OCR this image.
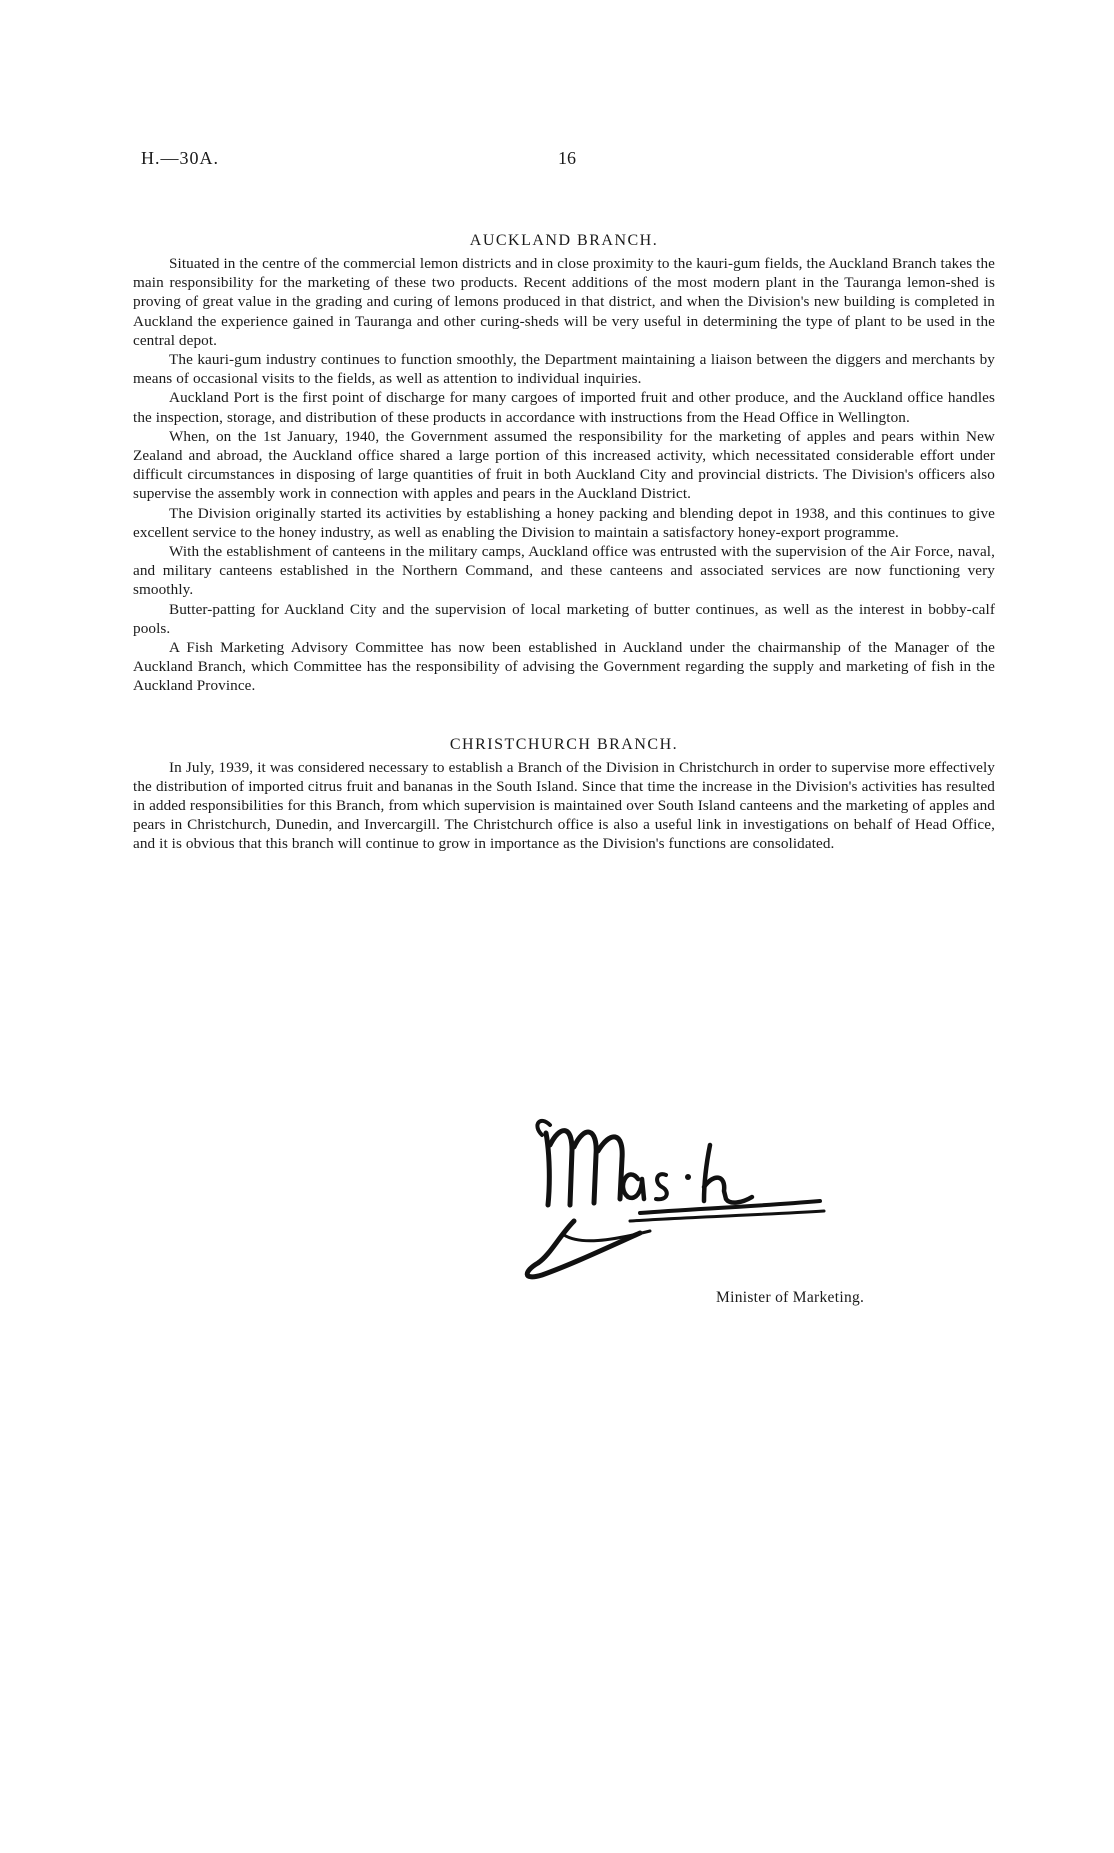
H.—30A.	16
AUCKLAND BRANCH.

Situated in the centre of the commercial lemon districts and in close proximity to the kauri-gum fields, the Auckland Branch takes the main responsibility for the marketing of these two products. Recent additions of the most modern plant in the Tauranga lemon-shed is proving of great value in the grading and curing of lemons produced in that district, and when the Division's new building is completed in Auckland the experience gained in Tauranga and other curing-sheds will be very useful in determining the type of plant to be used in the central depot.

The kauri-gum industry continues to function smoothly, the Department maintaining a liaison between the diggers and merchants by means of occasional visits to the fields, as well as attention to individual inquiries.

Auckland Port is the first point of discharge for many cargoes of imported fruit and other produce, and the Auckland office handles the inspection, storage, and distribution of these products in accordance with instructions from the Head Office in Wellington.

When, on the 1st January, 1940, the Government assumed the responsibility for the marketing of apples and pears within New Zealand and abroad, the Auckland office shared a large portion of this increased activity, which necessitated considerable effort under difficult circumstances in disposing of large quantities of fruit in both Auckland City and provincial districts. The Division's officers also supervise the assembly work in connection with apples and pears in the Auckland District.

The Division originally started its activities by establishing a honey packing and blending depot in 1938, and this continues to give excellent service to the honey industry, as well as enabling the Division to maintain a satisfactory honey-export programme.

With the establishment of canteens in the military camps, Auckland office was entrusted with the supervision of the Air Force, naval, and military canteens established in the Northern Command, and these canteens and associated services are now functioning very smoothly.

Butter-patting for Auckland City and the supervision of local marketing of butter continues, as well as the interest in bobby-calf pools.

A Fish Marketing Advisory Committee has now been established in Auckland under the chairmanship of the Manager of the Auckland Branch, which Committee has the responsibility of advising the Government regarding the supply and marketing of fish in the Auckland Province.

CHRISTCHURCH BRANCH.

In July, 1939, it was considered necessary to establish a Branch of the Division in Christchurch in order to supervise more effectively the distribution of imported citrus fruit and bananas in the South Island. Since that time the increase in the Division's activities has resulted in added responsibilities for this Branch, from which supervision is maintained over South Island canteens and the marketing of apples and pears in Christchurch, Dunedin, and Invercargill. The Christchurch office is also a useful link in investigations on behalf of Head Office, and it is obvious that this branch will continue to grow in importance as the Division's functions are consolidated.

Minister of Marketing.
